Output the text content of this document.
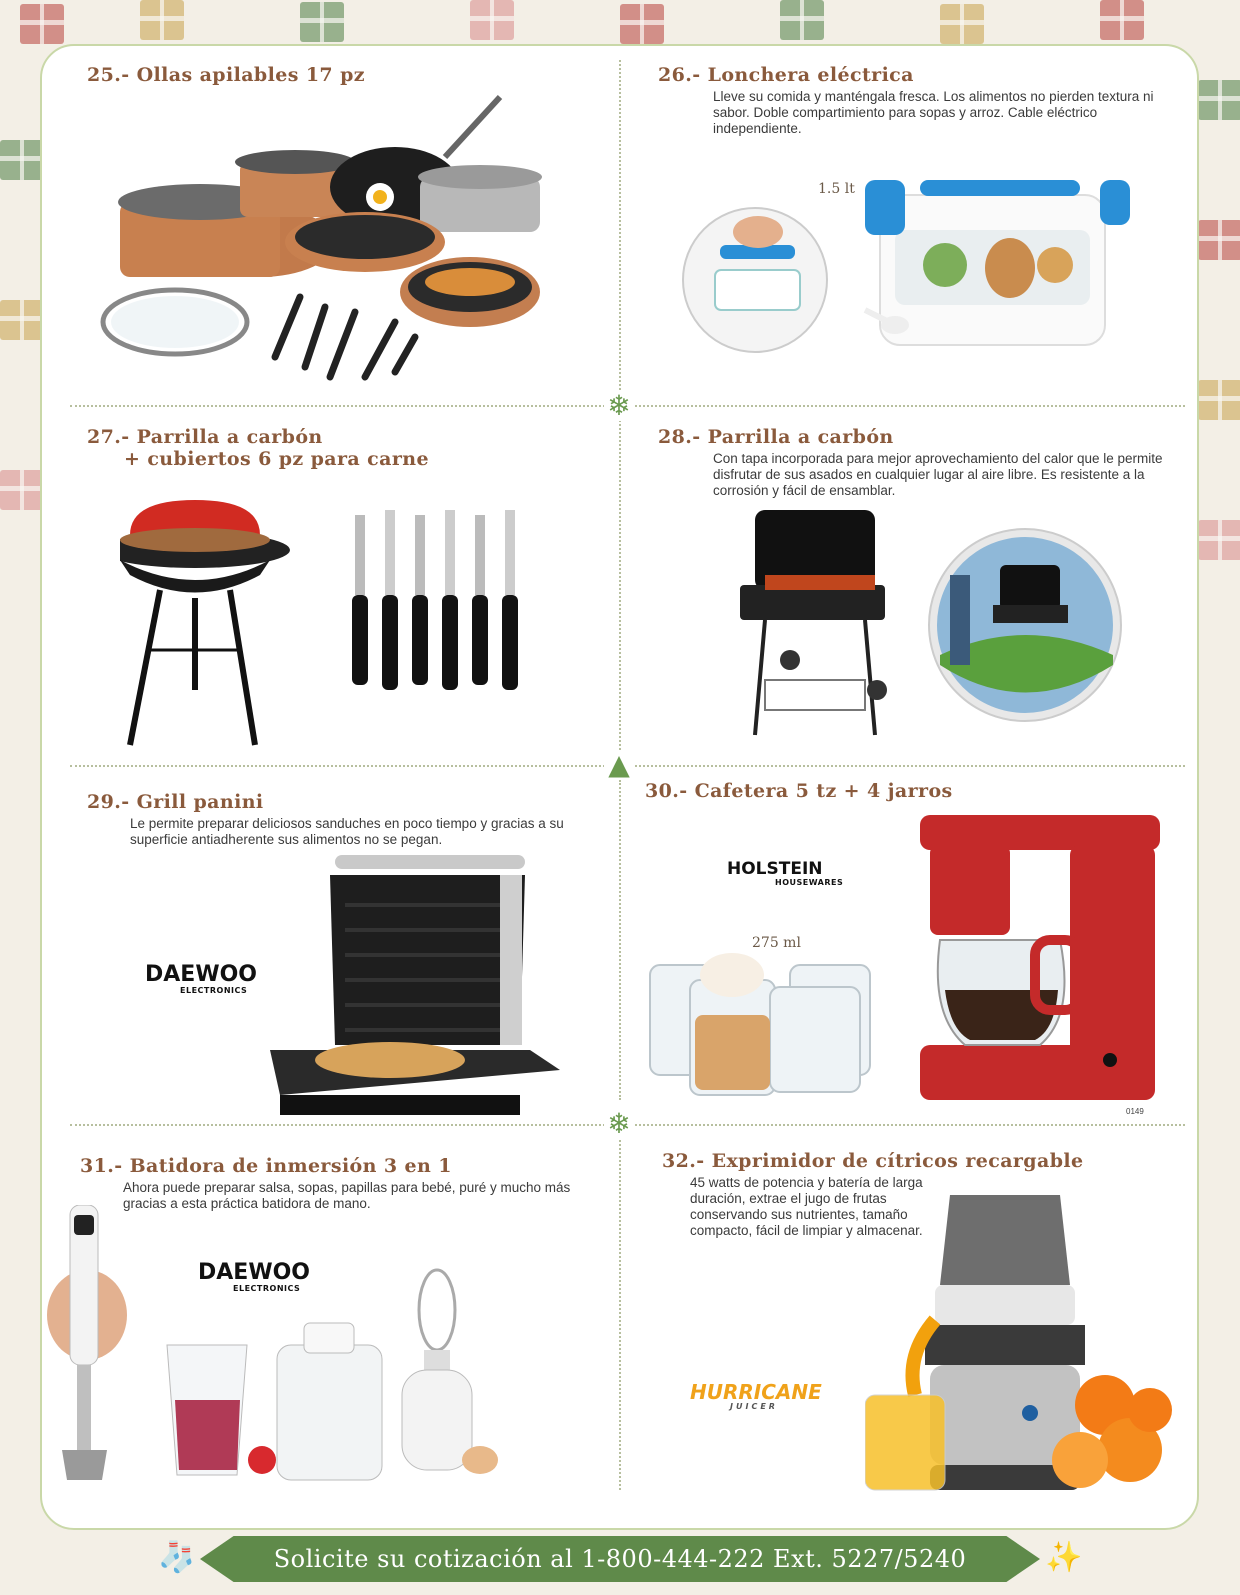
❄
▲
❄
25.- Ollas apilables 17 pz	26.- Lonchera eléctrica
Lleve su comida y manténgala fresca. Los alimentos no pierden textura ni sabor. Doble compartimiento para sopas y arroz. Cable eléctrico independiente.
1.5 lt
27.- Parrilla a carbón
+ cubiertos 6 pz para carne
28.- Parrilla a carbón
Con tapa incorporada para mejor aprovechamiento del calor que le permite disfrutar de sus asados en cualquier lugar al aire libre. Es resistente a la corrosión y fácil de ensamblar.
29.- Grill panini
Le permite preparar deliciosos sanduches en poco tiempo y gracias a su superficie antiadherente sus alimentos no se pegan.
DAEWOO
ELECTRONICS
30.- Cafetera 5 tz + 4 jarros
HOLSTEIN
HOUSEWARES
275 ml
0149
31.- Batidora de inmersión 3 en 1
Ahora puede preparar salsa, sopas, papillas para bebé, puré y mucho más gracias a esta práctica batidora de mano.
DAEWOO
ELECTRONICS
32.- Exprimidor de cítricos recargable
45 watts de potencia y batería de larga duración, extrae el jugo de frutas conservando sus nutrientes, tamaño compacto, fácil de limpiar y almacenar.
HURRICANE
JUICER
🧦	Solicite su cotización al 1-800-444-222 Ext. 5227/5240	✨
